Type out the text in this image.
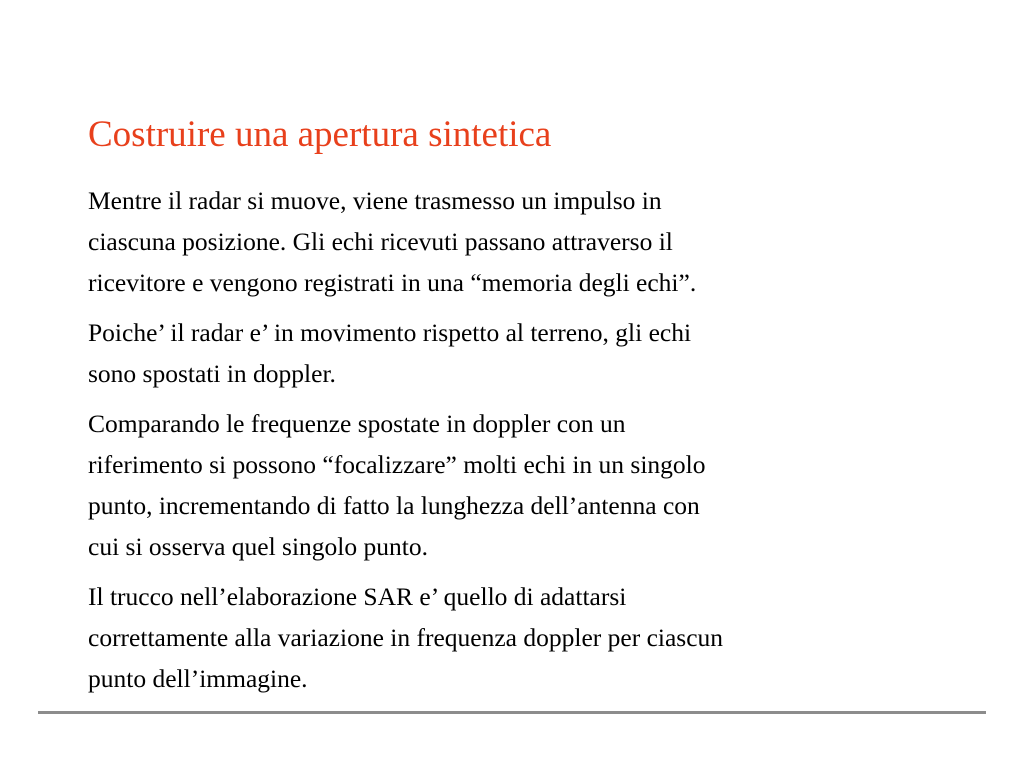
Costruire una apertura sintetica

Mentre il radar si muove, viene trasmesso un impulso in
ciascuna posizione. Gli echi ricevuti passano attraverso il
ricevitore e vengono registrati in una “memoria degli echi”.

Poiche’ il radar e’ in movimento rispetto al terreno, gli echi
sono spostati in doppler.

Comparando le frequenze spostate in doppler con un
riferimento si possono “focalizzare” molti echi in un singolo
punto, incrementando di fatto la lunghezza dell’antenna con
cui si osserva quel singolo punto.

Il trucco nell’elaborazione SAR e’ quello di adattarsi
correttamente alla variazione in frequenza doppler per ciascun
punto dell’immagine.
